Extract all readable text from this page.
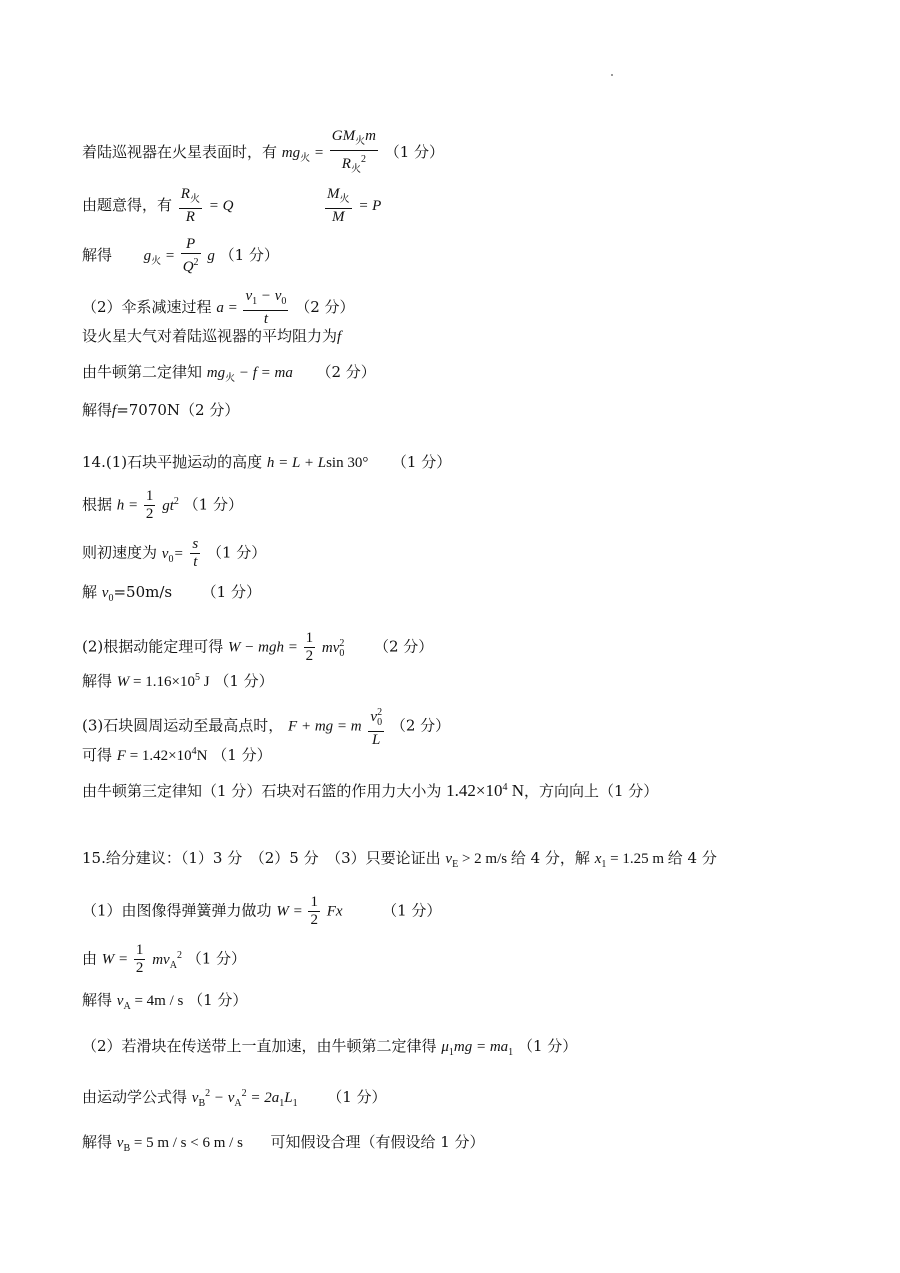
着陆巡视器在火星表面时，有 $mg_火 = \frac{GM_火m}{R_火^2} (1$ 分）
由题意得，有 $\frac{R_火}{R} = Q$	$\frac{M_火}{M} = P$
解得 $g_火 = \frac{P}{Q^2}$ g （1 分）
（2）伞系减速过程 $a = \frac{v_1 - v_0}{t} (2$ 分）
设火星大气对着陆巡视器的平均阻力为f
由牛顿第二定律知 $mg_火 - f$ = ma （2 分）
解得f=7070N（2 分）
14.(1)石块平抛运动的高度 h = L + Lsin 30° （1 分）
根据 $h = \frac{1}{2} gt^2$ （1 分）
则初速度为 $v_0= \frac{s}{t} (1$ 分）
解 $v_0=50m/s$ （1 分）
(2)根据动能定理可得 W − mgh = $\frac{1}{2} mv_0^2$ （2 分）
解得 $W = 1.16\times 10^5$ J （1 分）
(3)石块圆周运动至最高点时， F + mg = m $\frac{v_0^2}{L} (2$ 分）
可得 $F = 1.42\times 10^4N$ （1 分）
由牛顿第三定律知（1 分）石块对石篮的作用力大小为 $1.42\times 10^4$ N，方向向上（1 分）
15.给分建议：（1）3 分　（2）5 分　（3）只要论证出 $v_E > 2$ m/s 给 4 分，解 $x_1 = 1.25$ m 给 4 分
（1）由图像得弹簧弹力做功 $W = \frac{1}{2}$ Fx	（1 分）
由 $W = \frac{1}{2} mv_A^2$ （1 分）
解得 $v_A = 4m / s$ （1 分）
（2）若滑块在传送带上一直加速，由牛顿第二定律得 $\mu_1mg = ma_1$ （1 分）
由运动学公式得 $v_B^2 - v_A^2 = 2a_1L_1$ （1 分）
解得 $v_B = 5$ m / s < 6 m / s 可知假设合理（有假设给 1 分）
